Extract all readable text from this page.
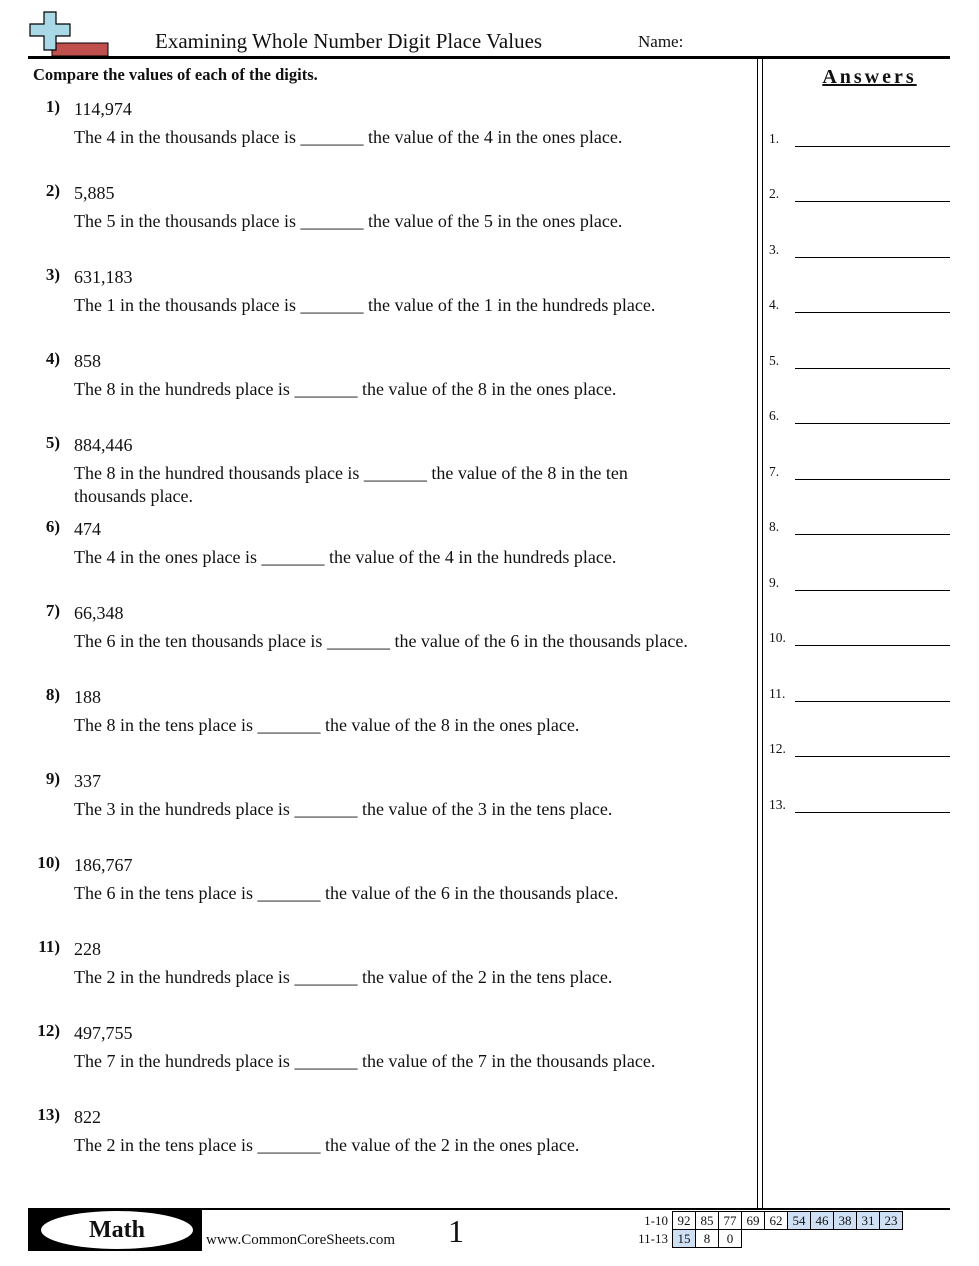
Examining Whole Number Digit Place Values	Name:
Compare the values of each of the digits.	Answers
1) 114,974
The 4 in the thousands place is _______ the value of the 4 in the ones place.
2) 5,885
The 5 in the thousands place is _______ the value of the 5 in the ones place.
3) 631,183
The 1 in the thousands place is _______ the value of the 1 in the hundreds place.
4) 858
The 8 in the hundreds place is _______ the value of the 8 in the ones place.
5) 884,446
The 8 in the hundred thousands place is _______ the value of the 8 in the ten thousands place.
6) 474
The 4 in the ones place is _______ the value of the 4 in the hundreds place.
7) 66,348
The 6 in the ten thousands place is _______ the value of the 6 in the thousands place.
8) 188
The 8 in the tens place is _______ the value of the 8 in the ones place.
9) 337
The 3 in the hundreds place is _______ the value of the 3 in the tens place.
10) 186,767
The 6 in the tens place is _______ the value of the 6 in the thousands place.
11) 228
The 2 in the hundreds place is _______ the value of the 2 in the tens place.
12) 497,755
The 7 in the hundreds place is _______ the value of the 7 in the thousands place.
13) 822
The 2 in the tens place is _______ the value of the 2 in the ones place.
1.
2.
3.
4.
5.
6.
7.
8.
9.
10.
11.
12.
13.
Math	www.CommonCoreSheets.com 1	1-10	92	85	77	69	62	54	46	38	31	23
11-13	15	8	0							
